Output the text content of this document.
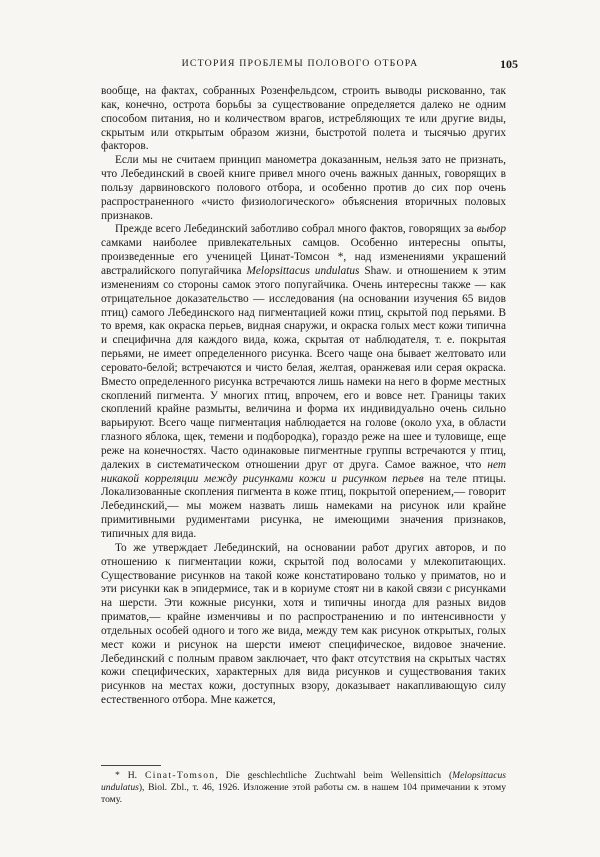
ИСТОРИЯ ПРОБЛЕМЫ ПОЛОВОГО ОТБОРА	105

вообще, на фактах, собранных Розенфельдсом, строить выводы рискованно, так как, конечно, острота борьбы за существование определяется далеко не одним способом питания, но и количеством врагов, истребляющих те или другие виды, скрытым или открытым образом жизни, быстротой полета и тысячью других факторов.

Если мы не считаем принцип манометра доказанным, нельзя зато не признать, что Лебединский в своей книге привел много очень важных данных, говорящих в пользу дарвиновского полового отбора, и особенно против до сих пор очень распространенного «чисто физиологического» объяснения вторичных половых признаков.

Прежде всего Лебединский заботливо собрал много фактов, говорящих за выбор самками наиболее привлекательных самцов. Особенно интересны опыты, произведенные его ученицей Цинат-Томсон *, над изменениями украшений австралийского попугайчика Melopsittacus undulatus Shaw. и отношением к этим изменениям со стороны самок этого попугайчика. Очень интересны также — как отрицательное доказательство — исследования (на основании изучения 65 видов птиц) самого Лебединского над пигментацией кожи птиц, скрытой под перьями. В то время, как окраска перьев, видная снаружи, и окраска голых мест кожи типична и специфична для каждого вида, кожа, скрытая от наблюдателя, т. е. покрытая перьями, не имеет определенного рисунка. Всего чаще она бывает желтовато или серовато-белой; встречаются и чисто белая, желтая, оранжевая или серая окраска. Вместо определенного рисунка встречаются лишь намеки на него в форме местных скоплений пигмента. У многих птиц, впрочем, его и вовсе нет. Границы таких скоплений крайне размыты, величина и форма их индивидуально очень сильно варьируют. Всего чаще пигментация наблюдается на голове (около уха, в области глазного яблока, щек, темени и подбородка), гораздо реже на шее и туловище, еще реже на конечностях. Часто одинаковые пигментные группы встречаются у птиц, далеких в систематическом отношении друг от друга. Самое важное, что нет никакой корреляции между рисунками кожи и рисунком перьев на теле птицы. Локализованные скопления пигмента в коже птиц, покрытой оперением,— говорит Лебединский,— мы можем назвать лишь намеками на рисунок или крайне примитивными рудиментами рисунка, не имеющими значения признаков, типичных для вида.

То же утверждает Лебединский, на основании работ других авторов, и по отношению к пигментации кожи, скрытой под волосами у млекопитающих. Существование рисунков на такой коже констатировано только у приматов, но и эти рисунки как в эпидермисе, так и в кориуме стоят ни в какой связи с рисунками на шерсти. Эти кожные рисунки, хотя и типичны иногда для разных видов приматов,— крайне изменчивы и по распространению и по интенсивности у отдельных особей одного и того же вида, между тем как рисунок открытых, голых мест кожи и рисунок на шерсти имеют специфическое, видовое значение. Лебединский с полным правом заключает, что факт отсутствия на скрытых частях кожи специфических, характерных для вида рисунков и существования таких рисунков на местах кожи, доступных взору, доказывает накапливающую силу естественного отбора. Мне кажется,

* Н. Cinat-Tomson, Die geschlechtliche Zuchtwahl beim Wellensittich (Melopsittacus undulatus), Biol. Zbl., т. 46, 1926. Изложение этой работы см. в нашем 104 примечании к этому тому.
